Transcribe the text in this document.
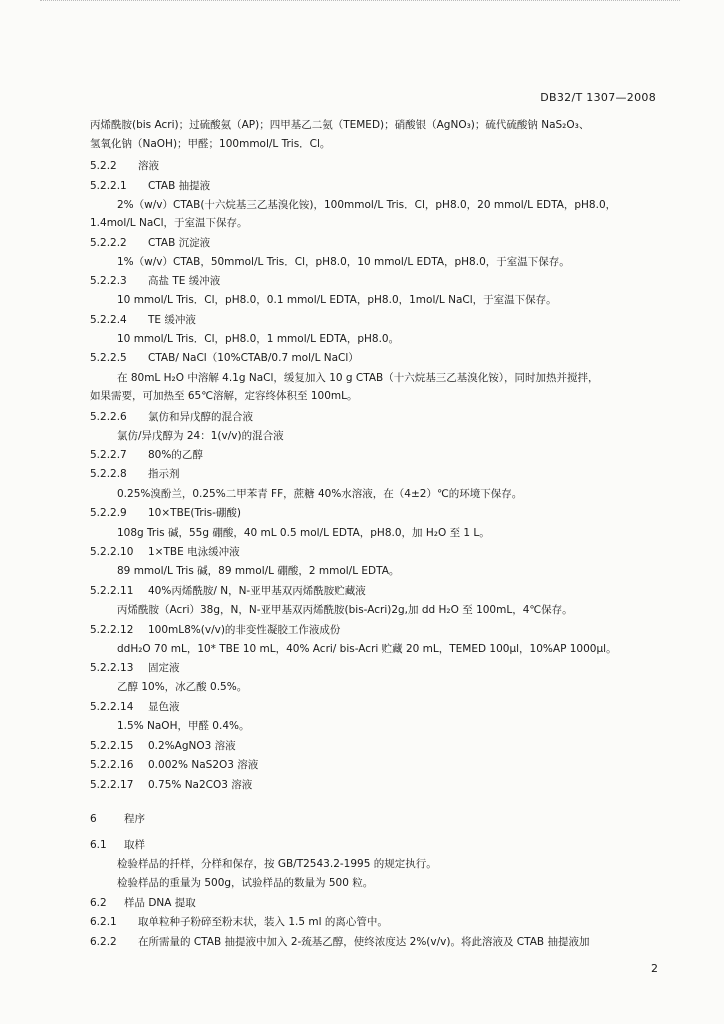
DB32/T 1307—2008
丙烯酰胺(bis Acri)；过硫酸氨（AP)；四甲基乙二氨（TEMED)；硝酸银（AgNO₃)；硫代硫酸钠 NaS₂O₃、
氢氧化钠（NaOH)；甲醛；100mmol/L Tris．Cl。
5.2.2 溶液
5.2.2.1 CTAB 抽提液
2%（w/v）CTAB(十六烷基三乙基溴化铵)，100mmol/L Tris．Cl，pH8.0，20 mmol/L EDTA，pH8.0，
1.4mol/L NaCl，于室温下保存。
5.2.2.2 CTAB 沉淀液
1%（w/v）CTAB，50mmol/L Tris．Cl，pH8.0，10 mmol/L EDTA，pH8.0，于室温下保存。
5.2.2.3 高盐 TE 缓冲液
10 mmol/L Tris．Cl，pH8.0，0.1 mmol/L EDTA，pH8.0，1mol/L NaCl，于室温下保存。
5.2.2.4 TE 缓冲液
10 mmol/L Tris．Cl，pH8.0，1 mmol/L EDTA，pH8.0。
5.2.2.5 CTAB/ NaCl（10%CTAB/0.7 mol/L NaCl）
在 80mL H₂O 中溶解 4.1g NaCl，缓复加入 10 g CTAB（十六烷基三乙基溴化铵），同时加热并搅拌，
如果需要，可加热至 65℃溶解，定容终体积至 100mL。
5.2.2.6 氯仿和异戊醇的混合液
氯仿/异戊醇为 24：1(v/v)的混合液
5.2.2.7 80%的乙醇
5.2.2.8 指示剂
0.25%溴酚兰，0.25%二甲苯青 FF，蔗糖 40%水溶液，在（4±2）℃的环境下保存。
5.2.2.9 10×TBE(Tris-硼酸)
108g Tris 碱，55g 硼酸，40 mL 0.5 mol/L EDTA，pH8.0，加 H₂O 至 1 L。
5.2.2.10 1×TBE 电泳缓冲液
89 mmol/L Tris 碱，89 mmol/L 硼酸，2 mmol/L EDTA。
5.2.2.11 40%丙烯酰胺/ N，N-亚甲基双丙烯酰胺贮藏液
丙烯酰胺（Acri）38g，N，N-亚甲基双丙烯酰胺(bis-Acri)2g,加 dd H₂O 至 100mL，4℃保存。
5.2.2.12 100mL8%(v/v)的非变性凝胶工作液成份
ddH₂O 70 mL，10* TBE 10 mL，40% Acri/ bis-Acri 贮藏 20 mL，TEMED 100μl，10%AP 1000μl。
5.2.2.13 固定液
乙醇 10%，冰乙酸 0.5%。
5.2.2.14 显色液
1.5% NaOH，甲醛 0.4%。
5.2.2.15 0.2%AgNO3 溶液
5.2.2.16 0.002% NaS2O3 溶液
5.2.2.17 0.75% Na2CO3 溶液
6	程序
6.1 取样
检验样品的扦样，分样和保存，按 GB/T2543.2-1995 的规定执行。
检验样品的重量为 500g，试验样品的数量为 500 粒。
6.2 样品 DNA 提取
6.2.1 取单粒种子粉碎至粉末状，装入 1.5 ml 的离心管中。
6.2.2 在所需量的 CTAB 抽提液中加入 2-巯基乙醇，使终浓度达 2%(v/v)。将此溶液及 CTAB 抽提液加
2
